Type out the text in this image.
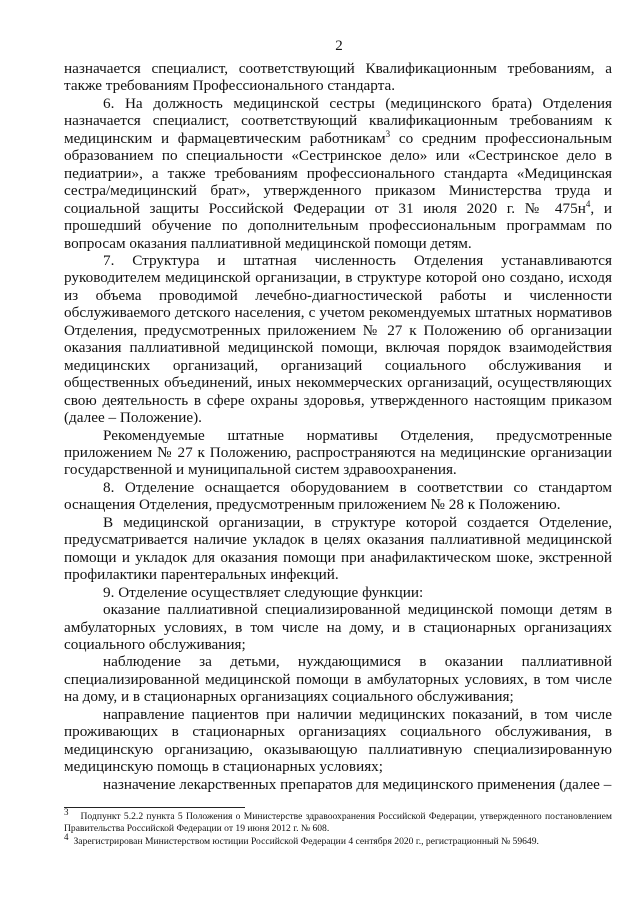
2

назначается специалист, соответствующий Квалификационным требованиям, а также требованиям Профессионального стандарта.

6. На должность медицинской сестры (медицинского брата) Отделения назначается специалист, соответствующий квалификационным требованиям к медицинским и фармацевтическим работникам$^3$ со средним профессиональным образованием по специальности «Сестринское дело» или «Сестринское дело в педиатрии», а также требованиям профессионального стандарта «Медицинская сестра/медицинский брат», утвержденного приказом Министерства труда и социальной защиты Российской Федерации от 31 июля 2020 г. № $475н^4$, и прошедший обучение по дополнительным профессиональным программам по вопросам оказания паллиативной медицинской помощи детям.

7. Структура и штатная численность Отделения устанавливаются руководителем медицинской организации, в структуре которой оно создано, исходя из объема проводимой лечебно-диагностической работы и численности обслуживаемого детского населения, с учетом рекомендуемых штатных нормативов Отделения, предусмотренных приложением № 27 к Положению об организации оказания паллиативной медицинской помощи, включая порядок взаимодействия медицинских организаций, организаций социального обслуживания и общественных объединений, иных некоммерческих организаций, осуществляющих свою деятельность в сфере охраны здоровья, утвержденного настоящим приказом (далее – Положение).

Рекомендуемые штатные нормативы Отделения, предусмотренные приложением № 27 к Положению, распространяются на медицинские организации государственной и муниципальной систем здравоохранения.

8. Отделение оснащается оборудованием в соответствии со стандартом оснащения Отделения, предусмотренным приложением № 28 к Положению.

В медицинской организации, в структуре которой создается Отделение, предусматривается наличие укладок в целях оказания паллиативной медицинской помощи и укладок для оказания помощи при анафилактическом шоке, экстренной профилактики парентеральных инфекций.

9. Отделение осуществляет следующие функции:

оказание паллиативной специализированной медицинской помощи детям в амбулаторных условиях, в том числе на дому, и в стационарных организациях социального обслуживания;

наблюдение за детьми, нуждающимися в оказании паллиативной специализированной медицинской помощи в амбулаторных условиях, в том числе на дому, и в стационарных организациях социального обслуживания;

направление пациентов при наличии медицинских показаний, в том числе проживающих в стационарных организациях социального обслуживания, в медицинскую организацию, оказывающую паллиативную специализированную медицинскую помощь в стационарных условиях;

назначение лекарственных препаратов для медицинского применения (далее –

$^3$ Подпункт 5.2.2 пункта 5 Положения о Министерстве здравоохранения Российской Федерации, утвержденного постановлением Правительства Российской Федерации от 19 июня 2012 г. № 608.

$^4$ Зарегистрирован Министерством юстиции Российской Федерации 4 сентября 2020 г., регистрационный № 59649.
